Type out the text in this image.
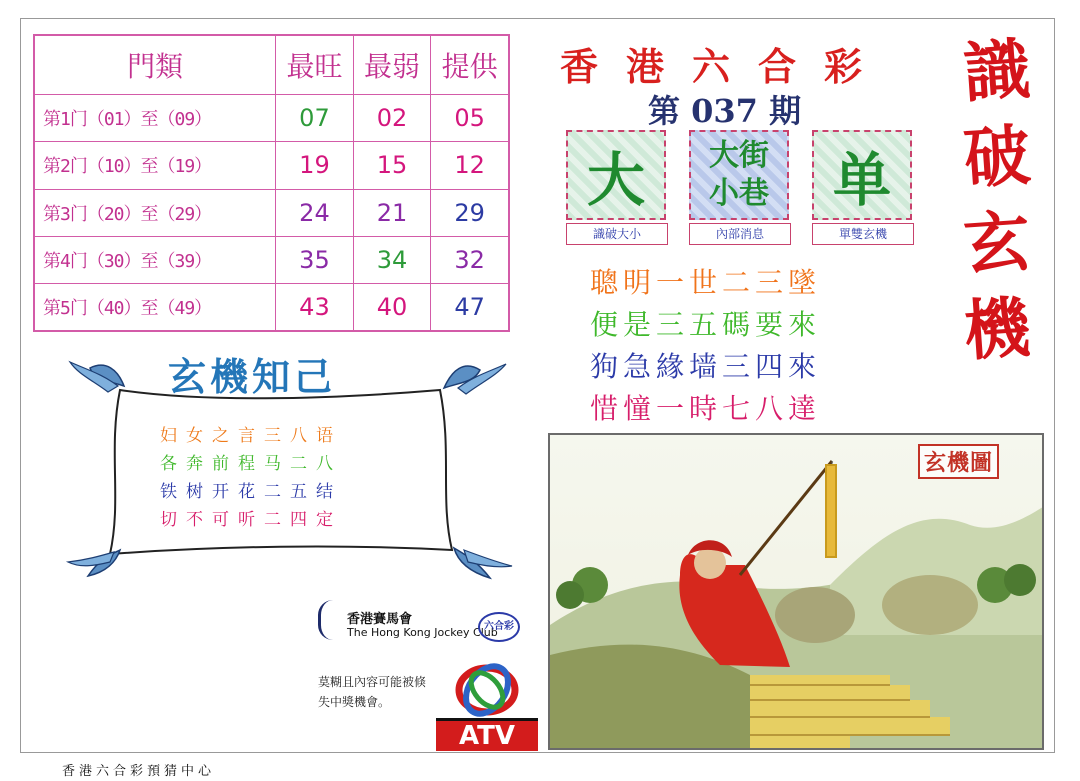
門類	最旺	最弱	提供
第1门（01）至（09）	07	02	05
第2门（10）至（19）	19	15	12
第3门（20）至（29）	24	21	29
第4门（30）至（39）	35	34	32
第5门（40）至（49）	43	40	47
香港六合彩
第 037 期 識
破
玄
機
大
識破大小
大街
小巷
內部消息
单
單雙玄機
聰明一世二三墜
便是三五碼要來
狗急緣墙三四來
惜憧一時七八達
玄機知己
妇女之言三八语
各奔前程马二八
铁树开花二五结
切不可听二四定
香港賽馬會
The Hong Kong Jockey Club
六合彩
莫糊且內容可能被倏
失中獎機會。
ATV
玄機圖
香港六合彩預猜中心
